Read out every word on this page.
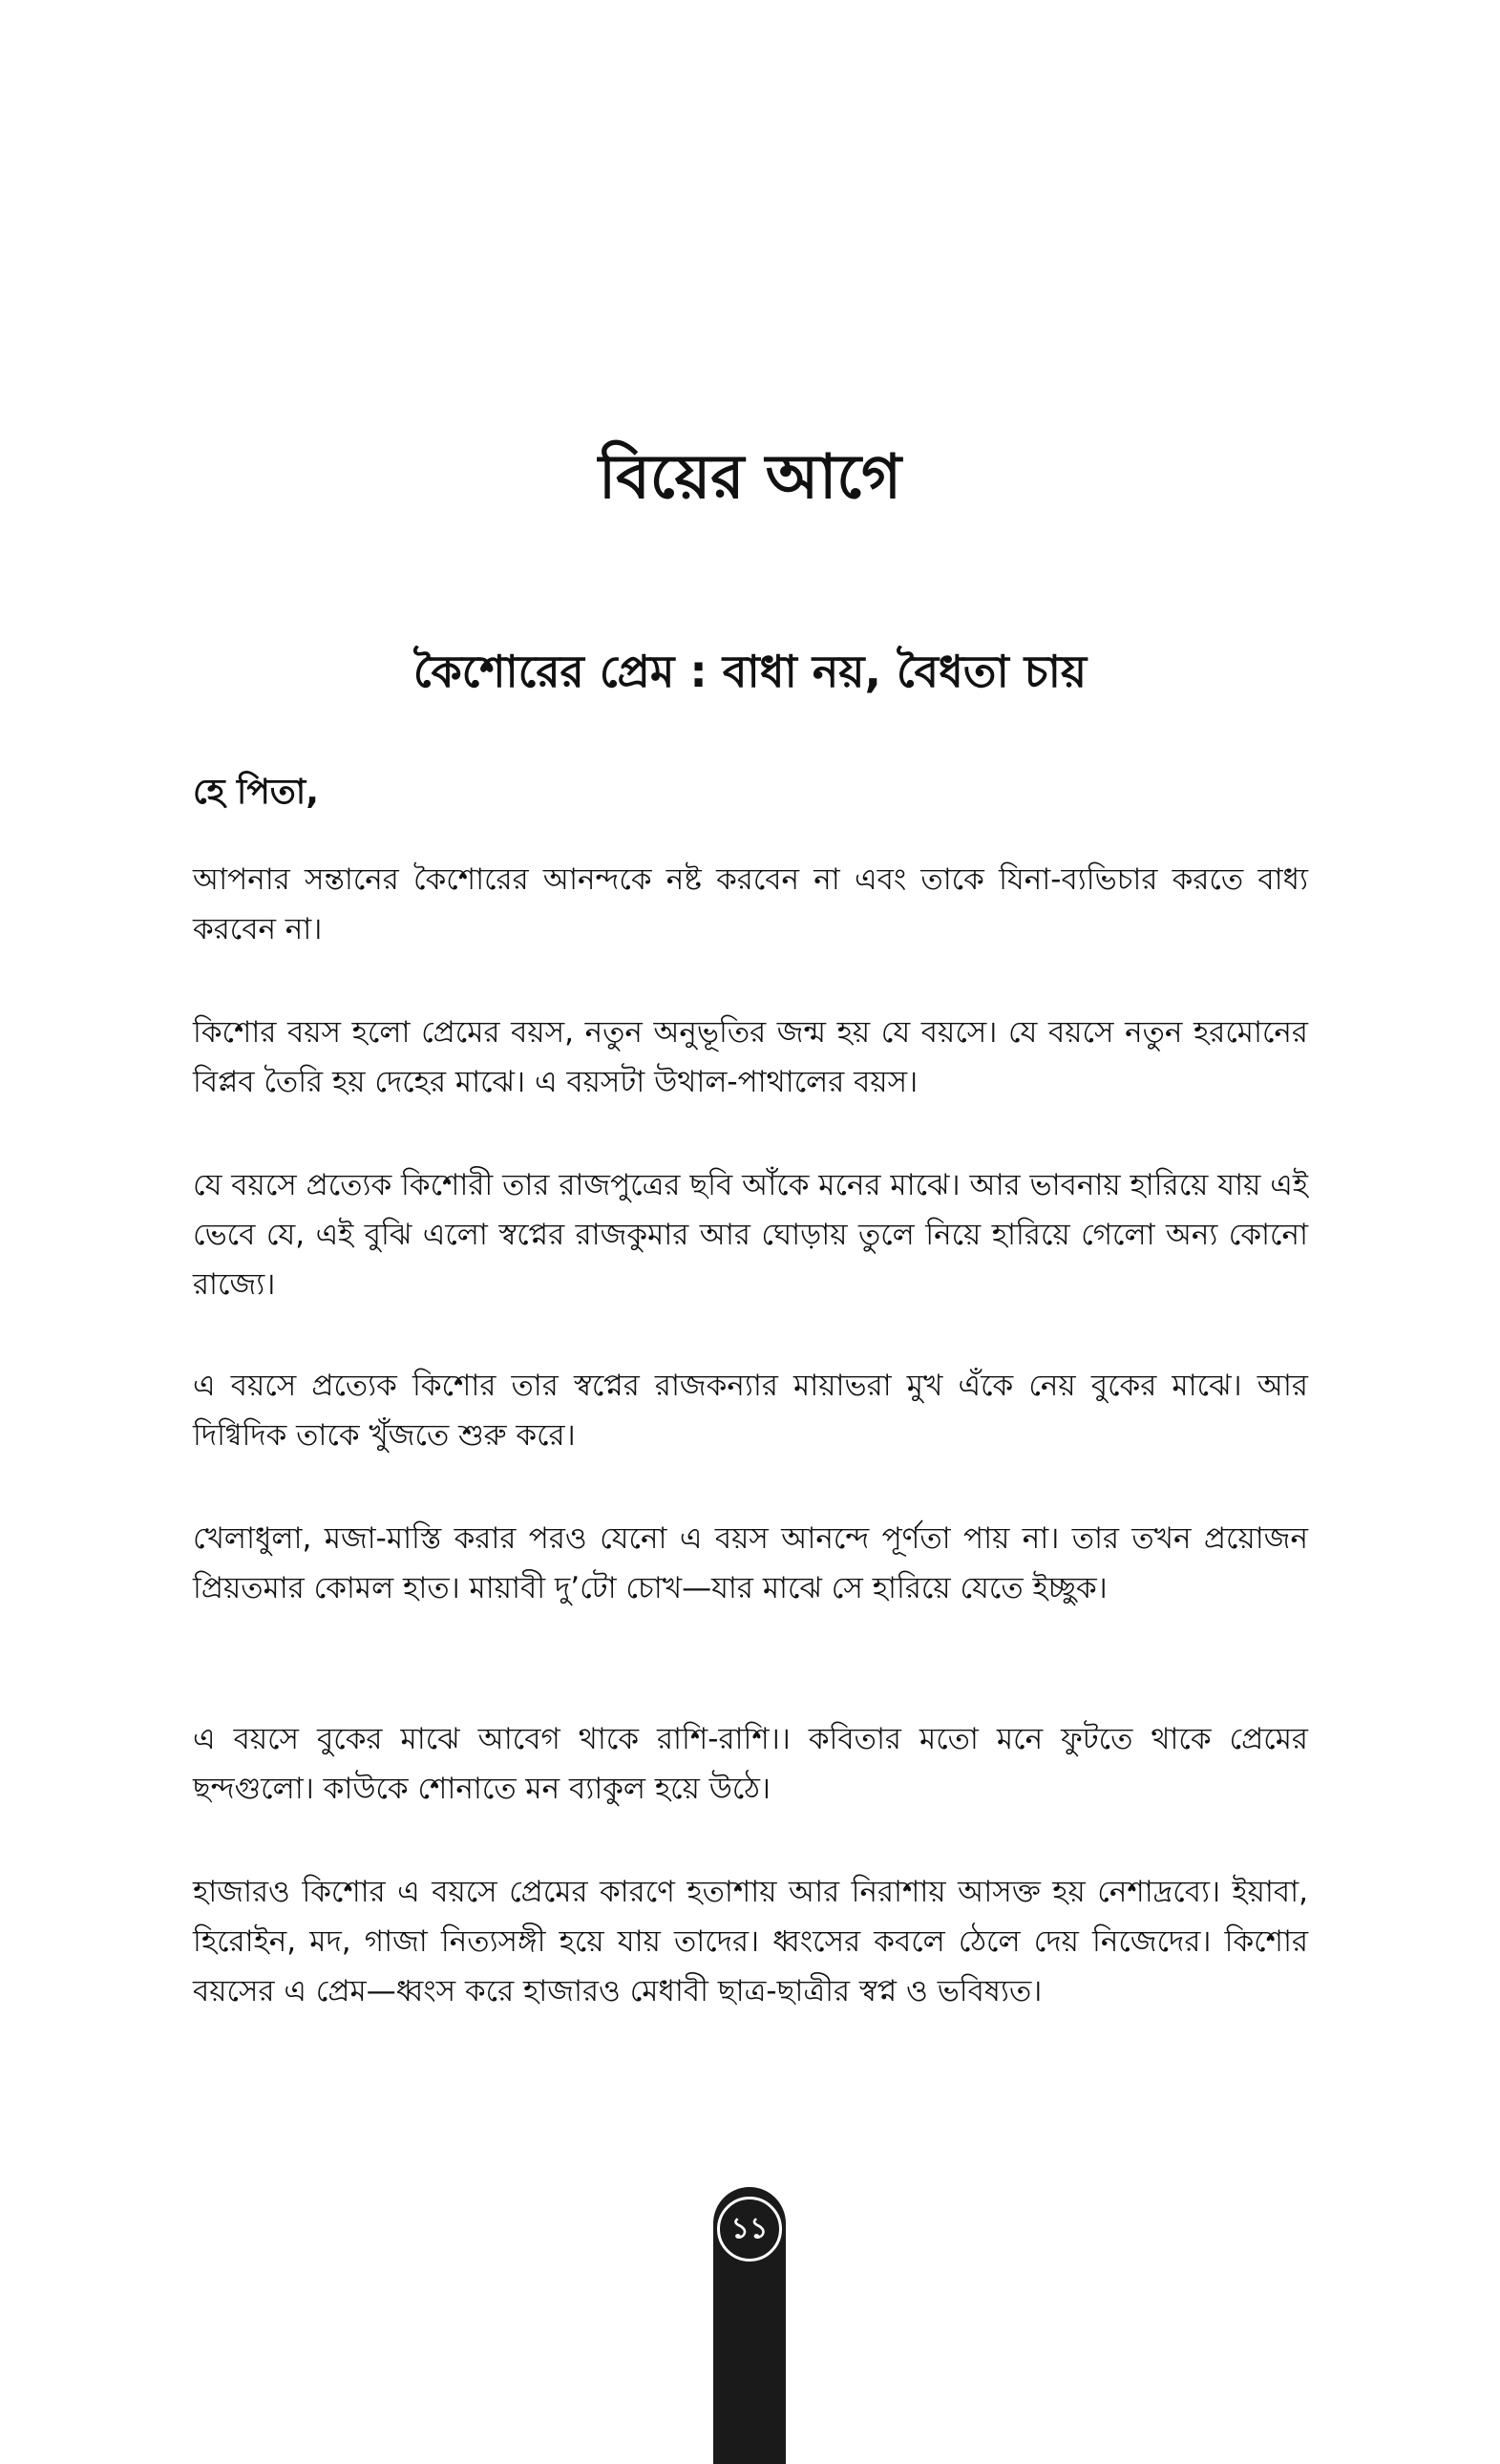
বিয়ের আগে
কৈশোরের প্রেম : বাধা নয়, বৈধতা চায়

হে পিতা,

আপনার সন্তানের কৈশোরের আনন্দকে নষ্ট করবেন না এবং তাকে যিনা-ব্যভিচার করতে বাধ্য করবেন না।

কিশোর বয়স হলো প্রেমের বয়স, নতুন অনুভূতির জন্ম হয় যে বয়সে। যে বয়সে নতুন হরমোনের বিপ্লব তৈরি হয় দেহের মাঝে। এ বয়সটা উথাল-পাথালের বয়স।

যে বয়সে প্রত্যেক কিশোরী তার রাজপুত্রের ছবি আঁকে মনের মাঝে। আর ভাবনায় হারিয়ে যায় এই ভেবে যে, এই বুঝি এলো স্বপ্নের রাজকুমার আর ঘোড়ায় তুলে নিয়ে হারিয়ে গেলো অন্য কোনো রাজ্যে।

এ বয়সে প্রত্যেক কিশোর তার স্বপ্নের রাজকন্যার মায়াভরা মুখ এঁকে নেয় বুকের মাঝে। আর দিগ্বিদিক তাকে খুঁজতে শুরু করে।

খেলাধুলা, মজা-মাস্তি করার পরও যেনো এ বয়স আনন্দে পূর্ণতা পায় না। তার তখন প্রয়োজন প্রিয়তমার কোমল হাত। মায়াবী দু’টো চোখ—যার মাঝে সে হারিয়ে যেতে ইচ্ছুক।

এ বয়সে বুকের মাঝে আবেগ থাকে রাশি-রাশি।। কবিতার মতো মনে ফুটতে থাকে প্রেমের ছন্দগুলো। কাউকে শোনাতে মন ব্যাকুল হয়ে উঠে।

হাজারও কিশোর এ বয়সে প্রেমের কারণে হতাশায় আর নিরাশায় আসক্ত হয় নেশাদ্রব্যে। ইয়াবা, হিরোইন, মদ, গাজা নিত্যসঙ্গী হয়ে যায় তাদের। ধ্বংসের কবলে ঠেলে দেয় নিজেদের। কিশোর বয়সের এ প্রেম—ধ্বংস করে হাজারও মেধাবী ছাত্র-ছাত্রীর স্বপ্ন ও ভবিষ্যত।

১১
